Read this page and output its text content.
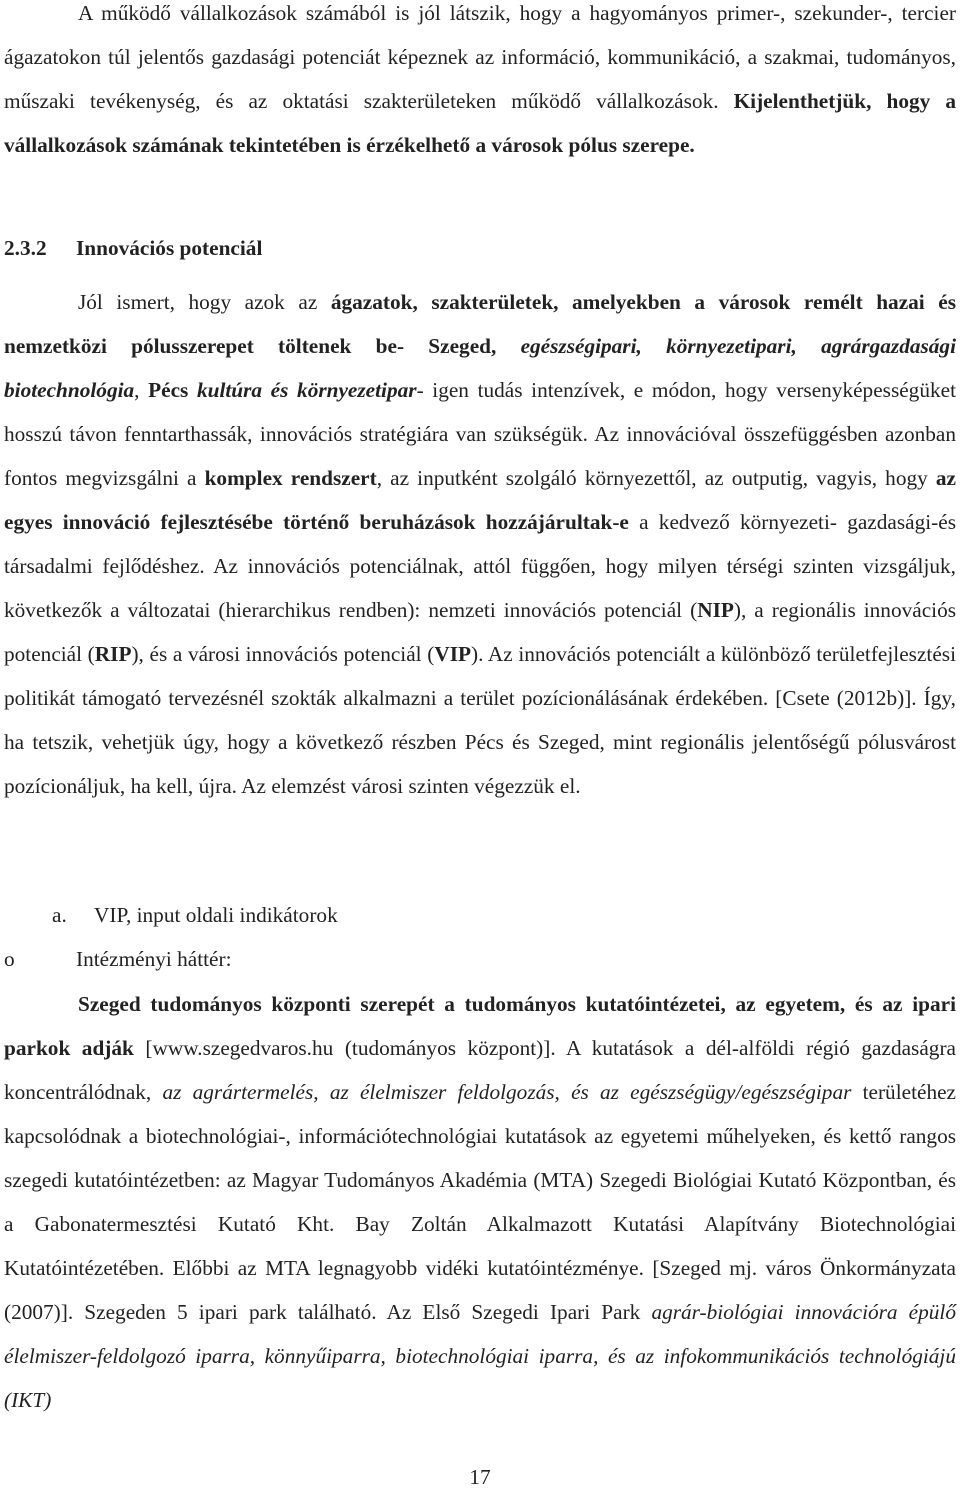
A működő vállalkozások számából is jól látszik, hogy a hagyományos primer-, szekunder-, tercier ágazatokon túl jelentős gazdasági potenciát képeznek az információ, kommunikáció, a szakmai, tudományos, műszaki tevékenység, és az oktatási szakterületeken működő vállalkozások. Kijelenthetjük, hogy a vállalkozások számának tekintetében is érzékelhető a városok pólus szerepe.
2.3.2 Innovációs potenciál
Jól ismert, hogy azok az ágazatok, szakterületek, amelyekben a városok remélt hazai és nemzetközi pólusszerepet töltenek be- Szeged, egészségipari, környezetipari, agrárgazdasági biotechnológia, Pécs kultúra és környezetipar- igen tudás intenzívek, e módon, hogy versenyképességüket hosszú távon fenntarthassák, innovációs stratégiára van szükségük. Az innovációval összefüggésben azonban fontos megvizsgálni a komplex rendszert, az inputként szolgáló környezettől, az outputig, vagyis, hogy az egyes innováció fejlesztésébe történő beruházások hozzájárultak-e a kedvező környezeti- gazdasági-és társadalmi fejlődéshez. Az innovációs potenciálnak, attól függően, hogy milyen térségi szinten vizsgáljuk, következők a változatai (hierarchikus rendben): nemzeti innovációs potenciál (NIP), a regionális innovációs potenciál (RIP), és a városi innovációs potenciál (VIP). Az innovációs potenciált a különböző területfejlesztési politikát támogató tervezésnél szokták alkalmazni a terület pozícionálásának érdekében. [Csete (2012b)]. Így, ha tetszik, vehetjük úgy, hogy a következő részben Pécs és Szeged, mint regionális jelentőségű pólusvárost pozícionáljuk, ha kell, újra. Az elemzést városi szinten végezzük el.
a. VIP, input oldali indikátorok
o	Intézményi háttér:
Szeged tudományos központi szerepét a tudományos kutatóintézetei, az egyetem, és az ipari parkok adják [www.szegedvaros.hu (tudományos központ)]. A kutatások a dél-alföldi régió gazdaságra koncentrálódnak, az agrártermelés, az élelmiszer feldolgozás, és az egészségügy/egészségipar területéhez kapcsolódnak a biotechnológiai-, információtechnológiai kutatások az egyetemi műhelyeken, és kettő rangos szegedi kutatóintézetben: az Magyar Tudományos Akadémia (MTA) Szegedi Biológiai Kutató Központban, és a Gabonatermesztési Kutató Kht. Bay Zoltán Alkalmazott Kutatási Alapítvány Biotechnológiai Kutatóintézetében. Előbbi az MTA legnagyobb vidéki kutatóintézménye. [Szeged mj. város Önkormányzata (2007)]. Szegeden 5 ipari park található. Az Első Szegedi Ipari Park agrár-biológiai innovációra épülő élelmiszer-feldolgozó iparra, könnyűiparra, biotechnológiai iparra, és az infokommunikációs technológiájú (IKT)
17
